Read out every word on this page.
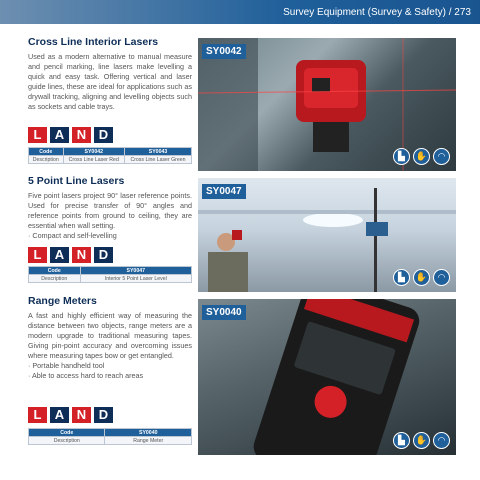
Survey Equipment (Survey & Safety) / 273
Cross Line Interior Lasers
Used as a modern alternative to manual measure and pencil marking, line lasers make levelling a quick and easy task. Offering vertical and laser guide lines, these are ideal for applications such as drywall tracking, aligning and levelling objects such as sockets and cable trays.
L	A N D
Code	SY0042	SY0043
Description	Cross Line Laser Red	Cross Line Laser Green
SY0042
▙	✋	◠
5 Point Line Lasers
Five point lasers project 90° laser reference points. Used for precise transfer of 90° angles and reference points from ground to ceiling, they are essential when wall setting.
· Compact and self-levelling
L	A N D
Code	SY0047
Description	Interior 5 Point Laser Level
SY0047
▙	✋	◠
Range Meters
A fast and highly efficient way of measuring the distance between two objects, range meters are a modern upgrade to traditional measuring tapes. Giving pin-point accuracy and overcoming issues where measuring tapes bow or get entangled.
· Portable handheld tool
· Able to access hard to reach areas
L	A N D
Code	SY0040
Description	Range Meter
SY0040
▙	✋	◠
